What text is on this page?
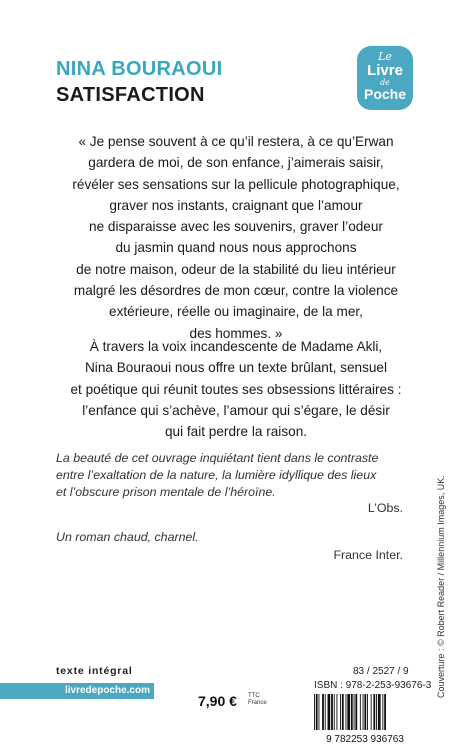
NINA BOURAOUI
SATISFACTION
Le
Livre
de
Poche
« Je pense souvent à ce qu’il restera, à ce qu’Erwan
gardera de moi, de son enfance, j’aimerais saisir,
révéler ses sensations sur la pellicule photographique,
graver nos instants, craignant que l’amour
ne disparaisse avec les souvenirs, graver l’odeur
du jasmin quand nous nous approchons
de notre maison, odeur de la stabilité du lieu intérieur
malgré les désordres de mon cœur, contre la violence
extérieure, réelle ou imaginaire, de la mer,
des hommes. »
À travers la voix incandescente de Madame Akli,
Nina Bouraoui nous offre un texte brûlant, sensuel
et poétique qui réunit toutes ses obsessions littéraires :
l’enfance qui s’achève, l’amour qui s’égare, le désir
qui fait perdre la raison.
La beauté de cet ouvrage inquiétant tient dans le contraste
entre l’exaltation de la nature, la lumière idyllique des lieux
et l’obscure prison mentale de l’héroïne.
L’Obs.
Un roman chaud, charnel.
France Inter.	Couverture : © Robert Reader / Millennium Images, UK.
texte intégral
livredepoche.com
7,90 € TTC
France
83 / 2527 / 9
ISBN : 978-2-253-93676-3
9 782253 936763
